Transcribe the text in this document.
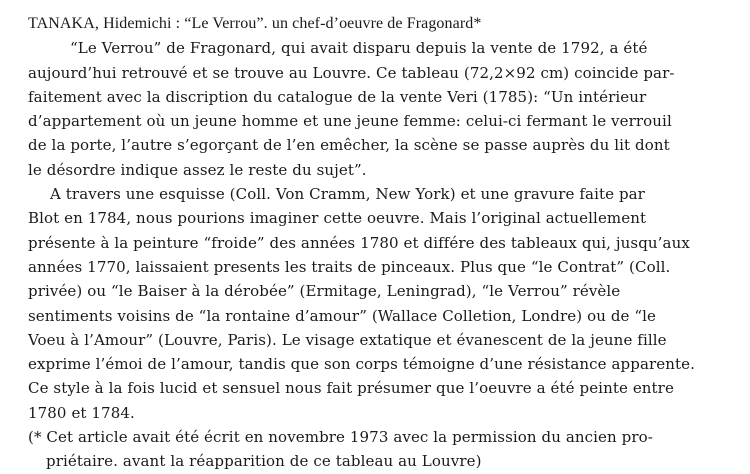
TANAKA, Hidemichi : “Le Verrou”. un chef-d’oeuvre de Fragonard*
“Le Verrou” de Fragonard, qui avait disparu depuis la vente de 1792, a été
aujourd’hui retrouvé et se trouve au Louvre. Ce tableau (72,2×92 cm) coincide par-
faitement avec la discription du catalogue de la vente Veri (1785): “Un intérieur
d’appartement où un jeune homme et une jeune femme: celui-ci fermant le verrouil
de la porte, l’autre s’egorçant de l’en emêcher, la scène se passe auprès du lit dont
le désordre indique assez le reste du sujet”.
A travers une esquisse (Coll. Von Cramm, New York) et une gravure faite par
Blot en 1784, nous pourions imaginer cette oeuvre. Mais l’original actuellement
présente à la peinture “froide” des années 1780 et différe des tableaux qui, jusqu’aux
années 1770, laissaient presents les traits de pinceaux. Plus que “le Contrat” (Coll.
privée) ou “le Baiser à la dérobée” (Ermitage, Leningrad), “le Verrou” révèle
sentiments voisins de “la rontaine d’amour” (Wallace Colletion, Londre) ou de “le
Voeu à l’Amour” (Louvre, Paris). Le visage extatique et évanescent de la jeune fille
exprime l’émoi de l’amour, tandis que son corps témoigne d’une résistance apparente.
Ce style à la fois lucid et sensuel nous fait présumer que l’oeuvre a été peinte entre
1780 et 1784.
(* Cet article avait été écrit en novembre 1973 avec la permission du ancien pro-
priétaire. avant la réapparition de ce tableau au Louvre)
